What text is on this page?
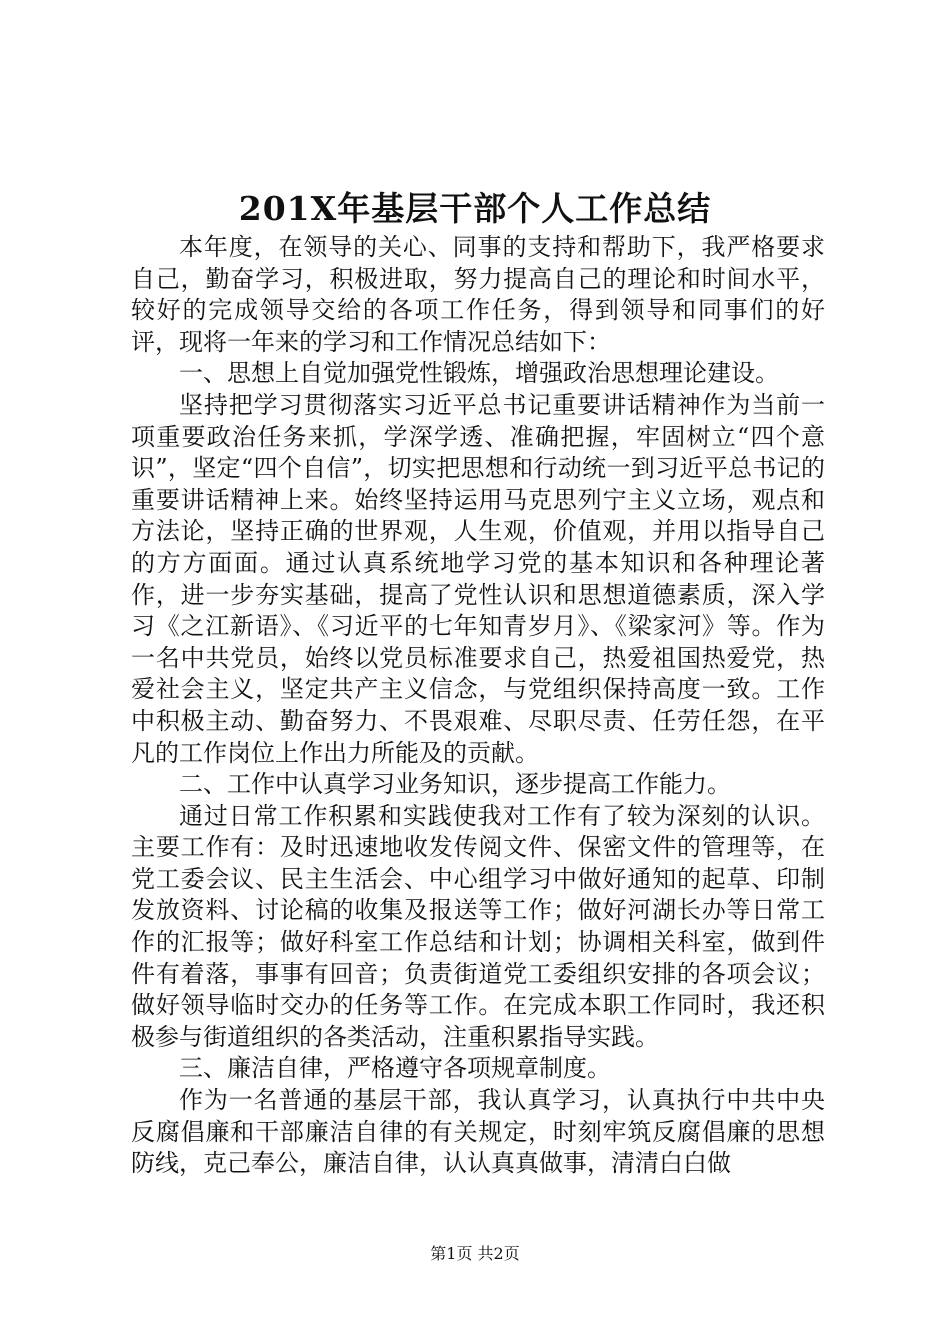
201X年基层干部个人工作总结

本年度，在领导的关心、同事的支持和帮助下，我严格要求自己，勤奋学习，积极进取，努力提高自己的理论和时间水平，较好的完成领导交给的各项工作任务，得到领导和同事们的好评，现将一年来的学习和工作情况总结如下：

一、思想上自觉加强党性锻炼，增强政治思想理论建设。

坚持把学习贯彻落实习近平总书记重要讲话精神作为当前一项重要政治任务来抓，学深学透、准确把握，牢固树立“四个意识”，坚定“四个自信”，切实把思想和行动统一到习近平总书记的重要讲话精神上来。始终坚持运用马克思列宁主义立场，观点和方法论，坚持正确的世界观，人生观，价值观，并用以指导自己的方方面面。通过认真系统地学习党的基本知识和各种理论著作，进一步夯实基础，提高了党性认识和思想道德素质，深入学习《之江新语》、《习近平的七年知青岁月》、《梁家河》等。作为一名中共党员，始终以党员标准要求自己，热爱祖国热爱党，热爱社会主义，坚定共产主义信念，与党组织保持高度一致。工作中积极主动、勤奋努力、不畏艰难、尽职尽责、任劳任怨，在平凡的工作岗位上作出力所能及的贡献。

二、工作中认真学习业务知识，逐步提高工作能力。

通过日常工作积累和实践使我对工作有了较为深刻的认识。主要工作有：及时迅速地收发传阅文件、保密文件的管理等，在党工委会议、民主生活会、中心组学习中做好通知的起草、印制发放资料、讨论稿的收集及报送等工作；做好河湖长办等日常工作的汇报等；做好科室工作总结和计划；协调相关科室，做到件件有着落，事事有回音；负责街道党工委组织安排的各项会议；做好领导临时交办的任务等工作。在完成本职工作同时，我还积极参与街道组织的各类活动，注重积累指导实践。

三、廉洁自律，严格遵守各项规章制度。

作为一名普通的基层干部，我认真学习，认真执行中共中央反腐倡廉和干部廉洁自律的有关规定，时刻牢筑反腐倡廉的思想防线，克己奉公，廉洁自律，认认真真做事，清清白白做

第1页 共2页
